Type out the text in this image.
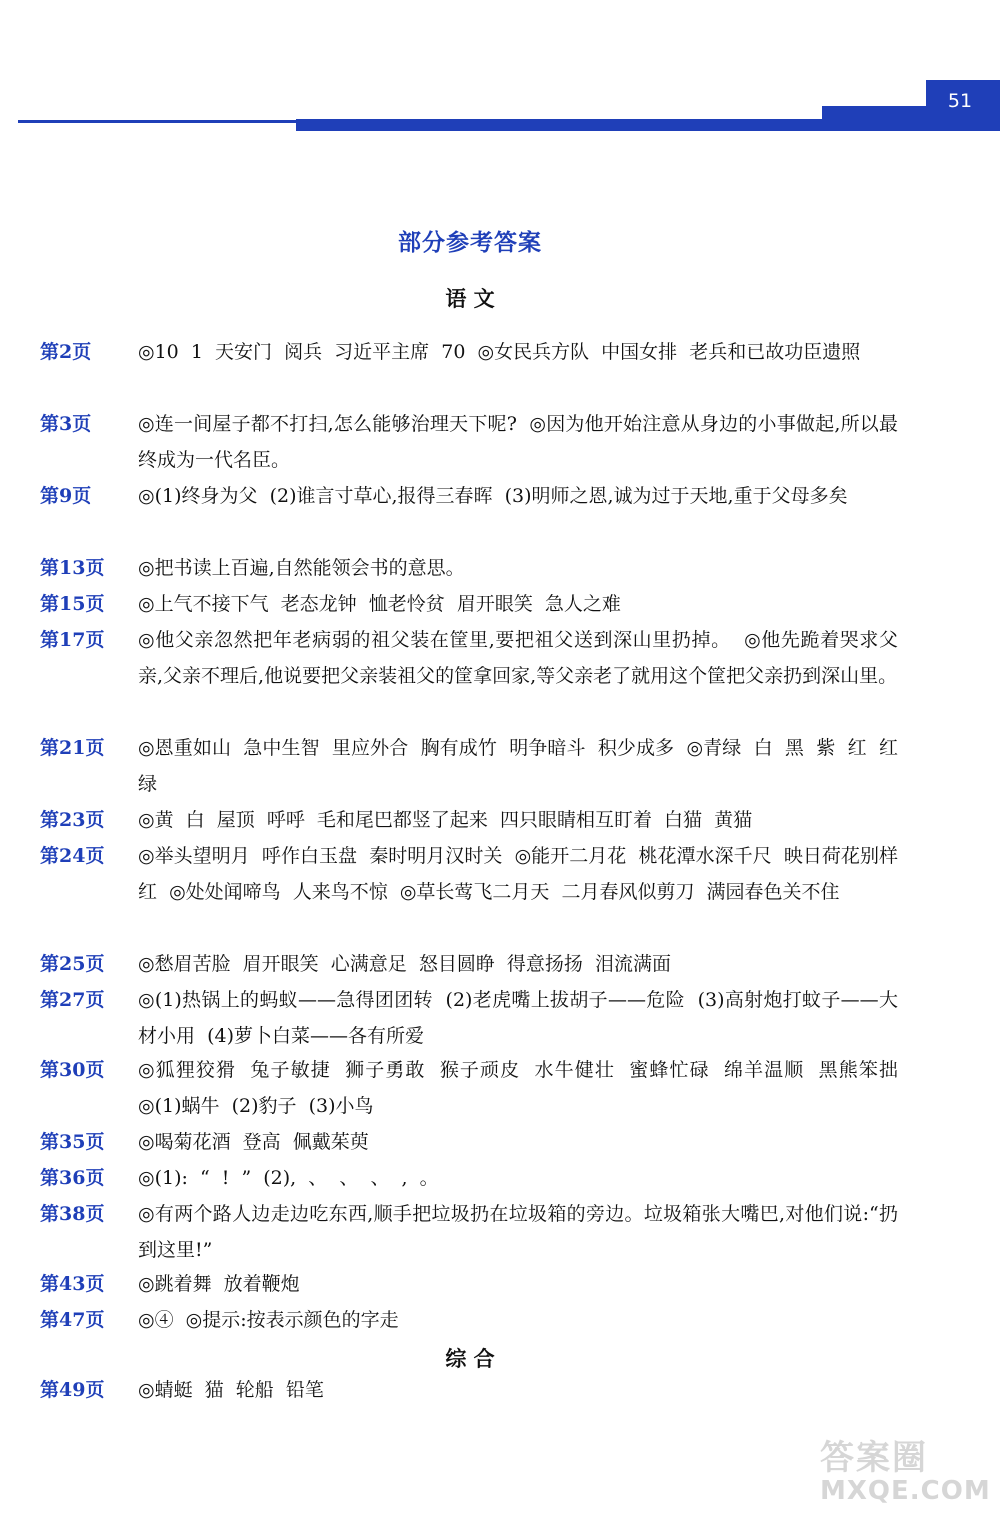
51
部分参考答案
语 文
第2页	◎10  1  天安门  阅兵  习近平主席  70  ◎女民兵方队  中国女排  老兵和已故功臣遗照
第3页	◎连一间屋子都不打扫,怎么能够治理天下呢?  ◎因为他开始注意从身边的小事做起,所以最终成为一代名臣。
第9页	◎(1)终身为父  (2)谁言寸草心,报得三春晖  (3)明师之恩,诚为过于天地,重于父母多矣
第13页	◎把书读上百遍,自然能领会书的意思。
第15页	◎上气不接下气  老态龙钟  恤老怜贫  眉开眼笑  急人之难
第17页	◎他父亲忽然把年老病弱的祖父装在筐里,要把祖父送到深山里扔掉。  ◎他先跪着哭求父亲,父亲不理后,他说要把父亲装祖父的筐拿回家,等父亲老了就用这个筐把父亲扔到深山里。
第21页	◎恩重如山  急中生智  里应外合  胸有成竹  明争暗斗  积少成多  ◎青绿  白  黑  紫  红  红  绿
第23页	◎黄  白  屋顶  呼呼  毛和尾巴都竖了起来  四只眼睛相互盯着  白猫  黄猫
第24页	◎举头望明月  呼作白玉盘  秦时明月汉时关  ◎能开二月花  桃花潭水深千尺  映日荷花别样红  ◎处处闻啼鸟  人来鸟不惊  ◎草长莺飞二月天  二月春风似剪刀  满园春色关不住
第25页	◎愁眉苦脸  眉开眼笑  心满意足  怒目圆睁  得意扬扬  泪流满面
第27页	◎(1)热锅上的蚂蚁——急得团团转  (2)老虎嘴上拔胡子——危险  (3)高射炮打蚊子——大材小用  (4)萝卜白菜——各有所爱
第30页	◎狐狸狡猾  兔子敏捷  狮子勇敢  猴子顽皮  水牛健壮  蜜蜂忙碌  绵羊温顺  黑熊笨拙  ◎(1)蜗牛  (2)豹子  (3)小鸟
第35页	◎喝菊花酒  登高  佩戴茱萸
第36页	◎(1):  “  !  ”  (2),  、  、  、  ,  。
第38页	◎有两个路人边走边吃东西,顺手把垃圾扔在垃圾箱的旁边。垃圾箱张大嘴巴,对他们说:“扔到这里!”
第43页	◎跳着舞  放着鞭炮
第47页	◎④  ◎提示:按表示颜色的字走
综 合
第49页	◎蜻蜓  猫  轮船  铅笔
答案圈
MXQE.COM
